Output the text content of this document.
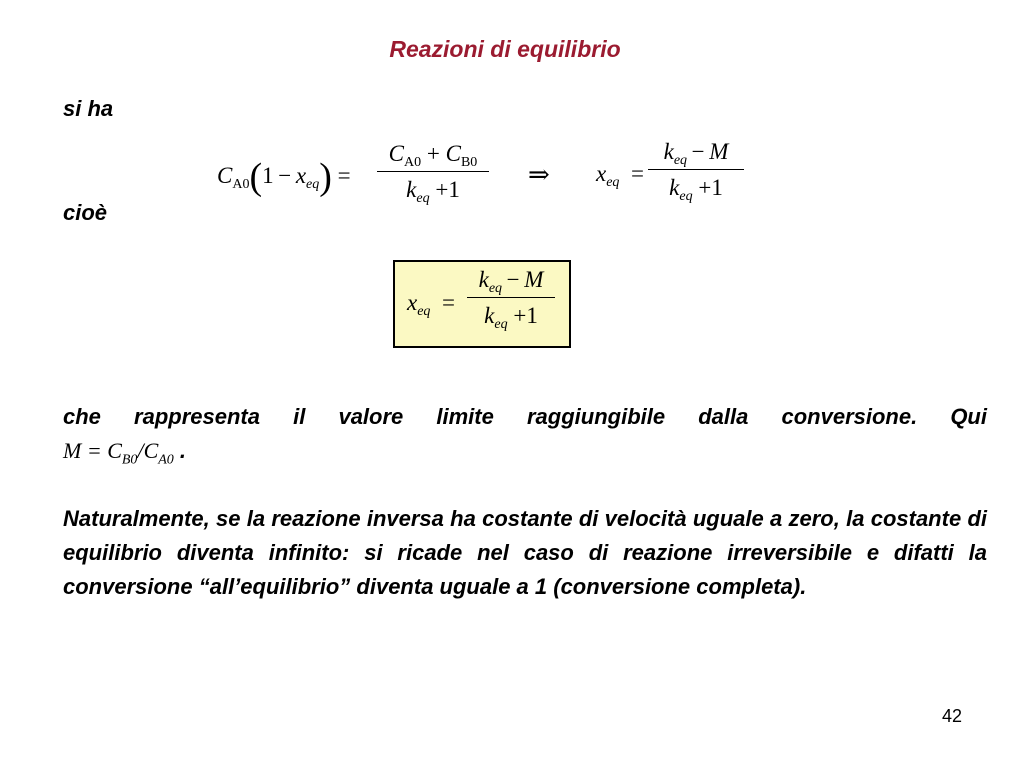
Reazioni di equilibrio
si ha
$C_{A0}(1 - x_{eq})$ =
$C_{A0} + C_{B0}$
$k_{eq} +1$
⇒ $x_{eq}$  =
$k_{eq} - M$
$k_{eq} +1$
cioè
$x_{eq}$  =
$k_{eq} - M$
$k_{eq} +1$
che rappresenta il valore limite raggiungibile dalla conversione. Qui
$M = C_{B0}/C_{A0}$ .
Naturalmente, se la reazione inversa ha costante di velocità uguale a zero, la costante di equilibrio diventa infinito: si ricade nel caso di reazione irreversibile e difatti la conversione “all’equilibrio” diventa uguale a 1 (conversione completa).
42
